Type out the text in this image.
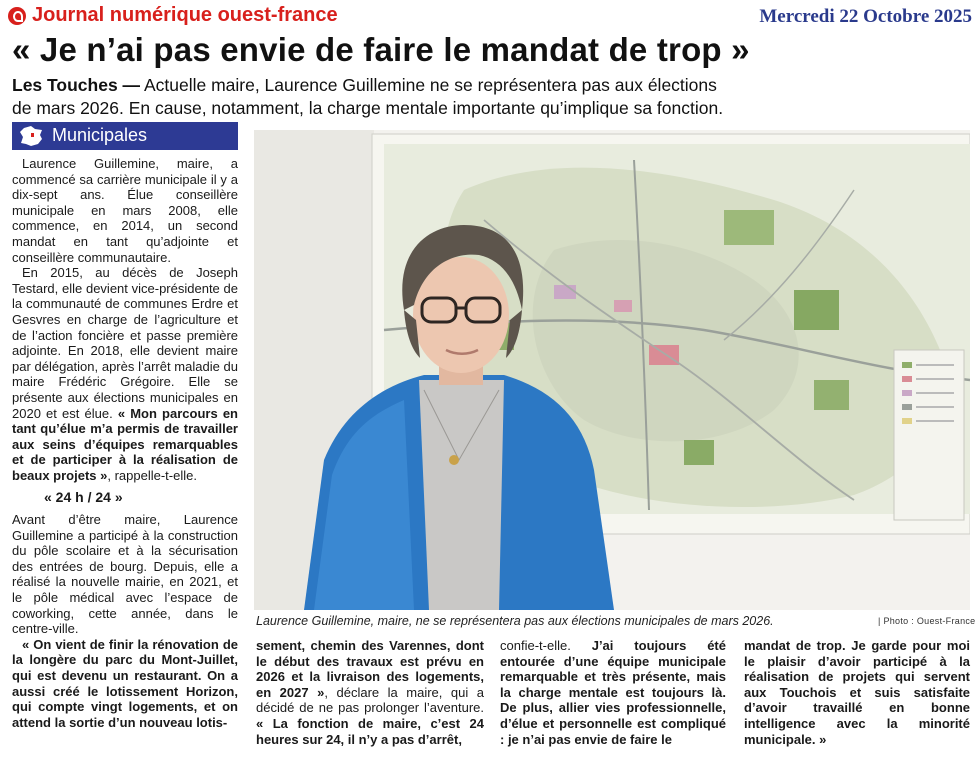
Journal numérique ouest-france	Mercredi 22 Octobre 2025
« Je n’ai pas envie de faire le mandat de trop »
Les Touches — Actuelle maire, Laurence Guillemine ne se représentera pas aux élections
de mars 2026. En cause, notamment, la charge mentale importante qu’implique sa fonction.
Municipales

Laurence Guillemine, maire, a commencé sa carrière municipale il y a dix-sept ans. Élue conseillère municipale en mars 2008, elle commence, en 2014, un second mandat en tant qu’adjointe et conseillère communautaire.

En 2015, au décès de Joseph Testard, elle devient vice-présidente de la communauté de communes Erdre et Gesvres en charge de l’agriculture et de l’action foncière et passe première adjointe. En 2018, elle devient maire par délégation, après l’arrêt maladie du maire Frédéric Grégoire. Elle se présente aux élections municipales en 2020 et est élue. « Mon parcours en tant qu’élue m’a permis de travailler aux seins d’équipes remarquables et de participer à la réalisation de beaux projets », rappelle-t-elle.

« 24 h / 24 »

Avant d’être maire, Laurence Guillemine a participé à la construction du pôle scolaire et à la sécurisation des entrées de bourg. Depuis, elle a réalisé la nouvelle mairie, en 2021, et le pôle médical avec l’espace de coworking, cette année, dans le centre-ville.

« On vient de finir la rénovation de la longère du parc du Mont-Juillet, qui est devenu un restaurant. On a aussi créé le lotissement Horizon, qui compte vingt logements, et on attend la sortie d’un nouveau lotis-

Laurence Guillemine, maire, ne se représentera pas aux élections municipales de mars 2026.	| Photo : Ouest-France

sement, chemin des Varennes, dont le début des travaux est prévu en 2026 et la livraison des logements, en 2027 », déclare la maire, qui a décidé de ne pas prolonger l’aventure. « La fonction de maire, c’est 24 heures sur 24, il n’y a pas d’arrêt,

confie-t-elle. J’ai toujours été entourée d’une équipe municipale remarquable et très présente, mais la charge mentale est toujours là. De plus, allier vies professionnelle, d’élue et personnelle est compliqué : je n’ai pas envie de faire le

mandat de trop. Je garde pour moi le plaisir d’avoir participé à la réalisation de projets qui servent aux Touchois et suis satisfaite d’avoir travaillé en bonne intelligence avec la minorité municipale. »
